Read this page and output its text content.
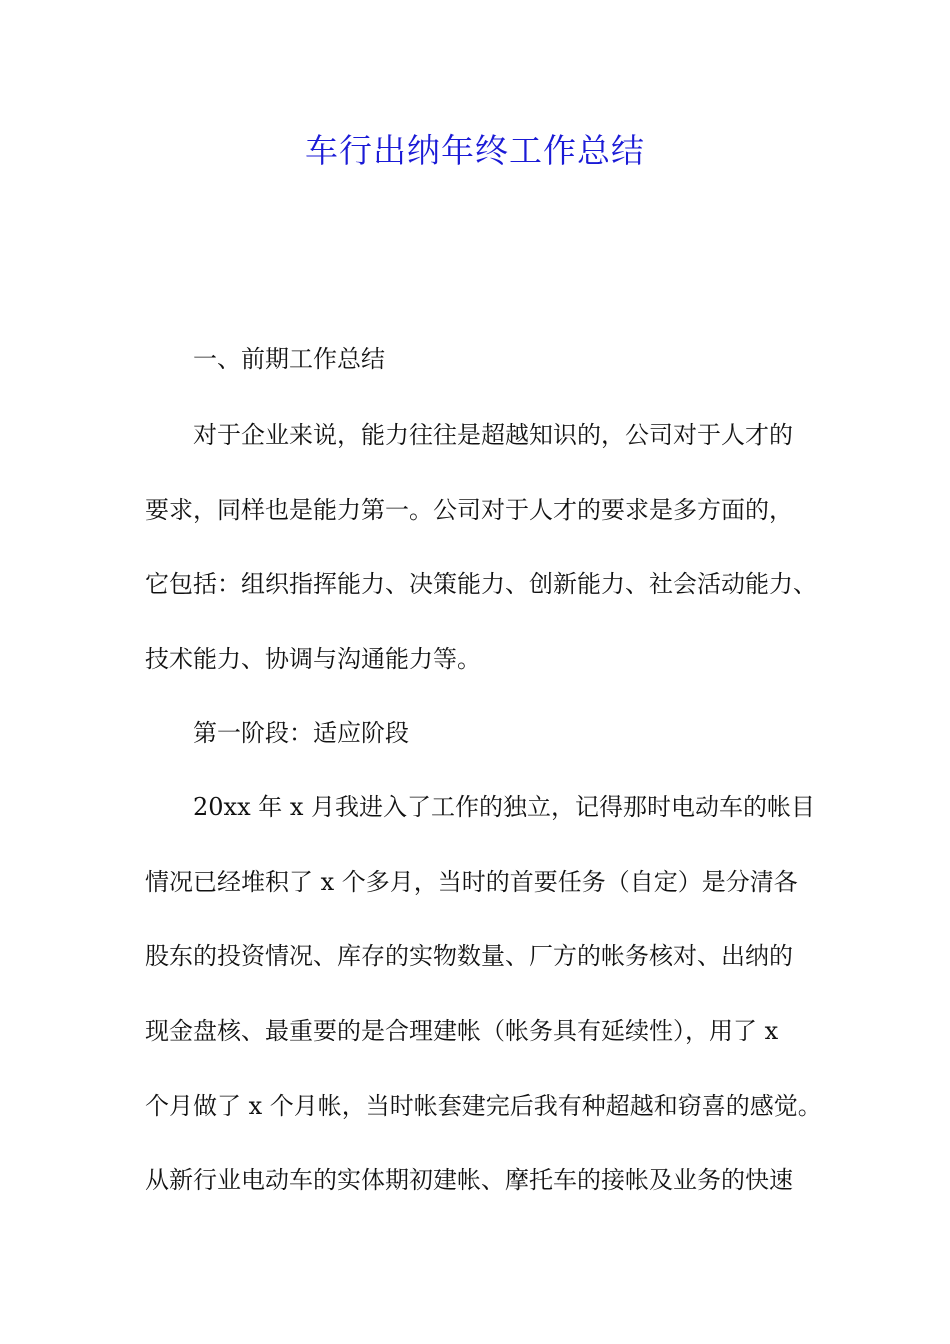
车行出纳年终工作总结

一、前期工作总结

对于企业来说，能力往往是超越知识的，公司对于人才的

要求，同样也是能力第一。公司对于人才的要求是多方面的，

它包括：组织指挥能力、决策能力、创新能力、社会活动能力、

技术能力、协调与沟通能力等。

第一阶段：适应阶段

20xx 年 x 月我进入了工作的独立，记得那时电动车的帐目

情况已经堆积了 x 个多月，当时的首要任务（自定）是分清各

股东的投资情况、库存的实物数量、厂方的帐务核对、出纳的

现金盘核、最重要的是合理建帐（帐务具有延续性），用了 x

个月做了 x 个月帐，当时帐套建完后我有种超越和窃喜的感觉。

从新行业电动车的实体期初建帐、摩托车的接帐及业务的快速
